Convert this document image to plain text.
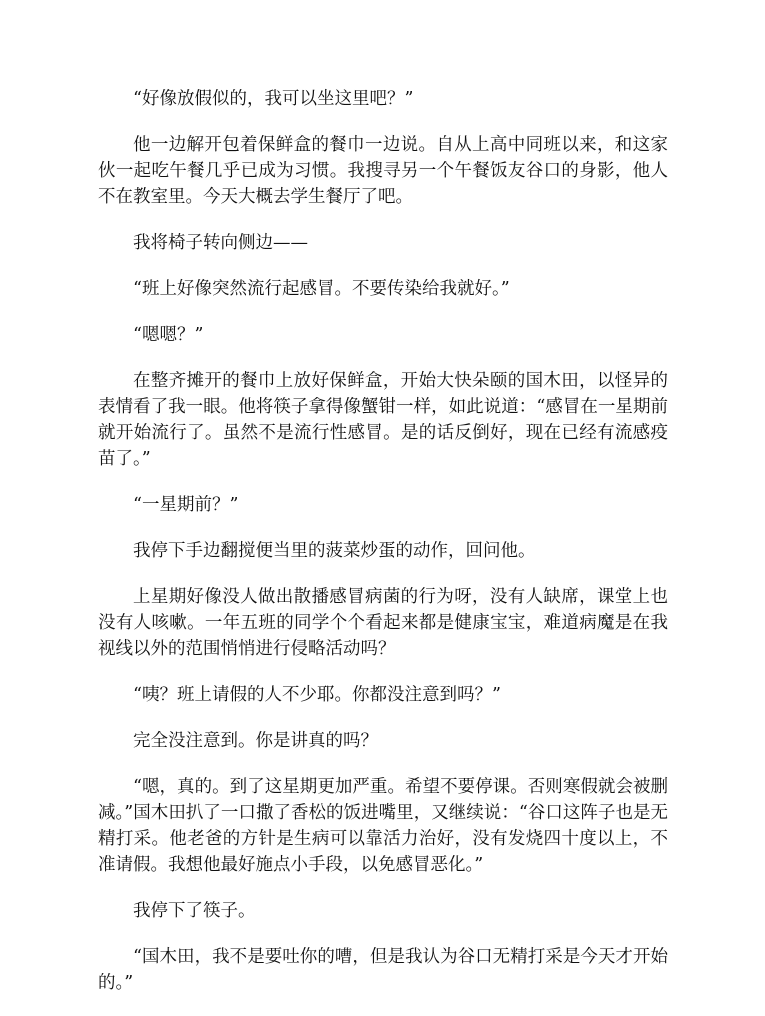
“好像放假似的，我可以坐这里吧？”

他一边解开包着保鲜盒的餐巾一边说。自从上高中同班以来，和这家伙一起吃午餐几乎已成为习惯。我搜寻另一个午餐饭友谷口的身影，他人不在教室里。今天大概去学生餐厅了吧。

我将椅子转向侧边——

“班上好像突然流行起感冒。不要传染给我就好。”

“嗯嗯？”

在整齐摊开的餐巾上放好保鲜盒，开始大快朵颐的国木田，以怪异的表情看了我一眼。他将筷子拿得像蟹钳一样，如此说道：“感冒在一星期前就开始流行了。虽然不是流行性感冒。是的话反倒好，现在已经有流感疫苗了。”

“一星期前？”

我停下手边翻搅便当里的菠菜炒蛋的动作，回问他。

上星期好像没人做出散播感冒病菌的行为呀，没有人缺席，课堂上也没有人咳嗽。一年五班的同学个个看起来都是健康宝宝，难道病魔是在我视线以外的范围悄悄进行侵略活动吗？

“咦？班上请假的人不少耶。你都没注意到吗？”

完全没注意到。你是讲真的吗？

“嗯，真的。到了这星期更加严重。希望不要停课。否则寒假就会被删减。”国木田扒了一口撒了香松的饭进嘴里，又继续说：“谷口这阵子也是无精打采。他老爸的方针是生病可以靠活力治好，没有发烧四十度以上，不准请假。我想他最好施点小手段，以免感冒恶化。”

我停下了筷子。

“国木田，我不是要吐你的嘈，但是我认为谷口无精打采是今天才开始的。”
